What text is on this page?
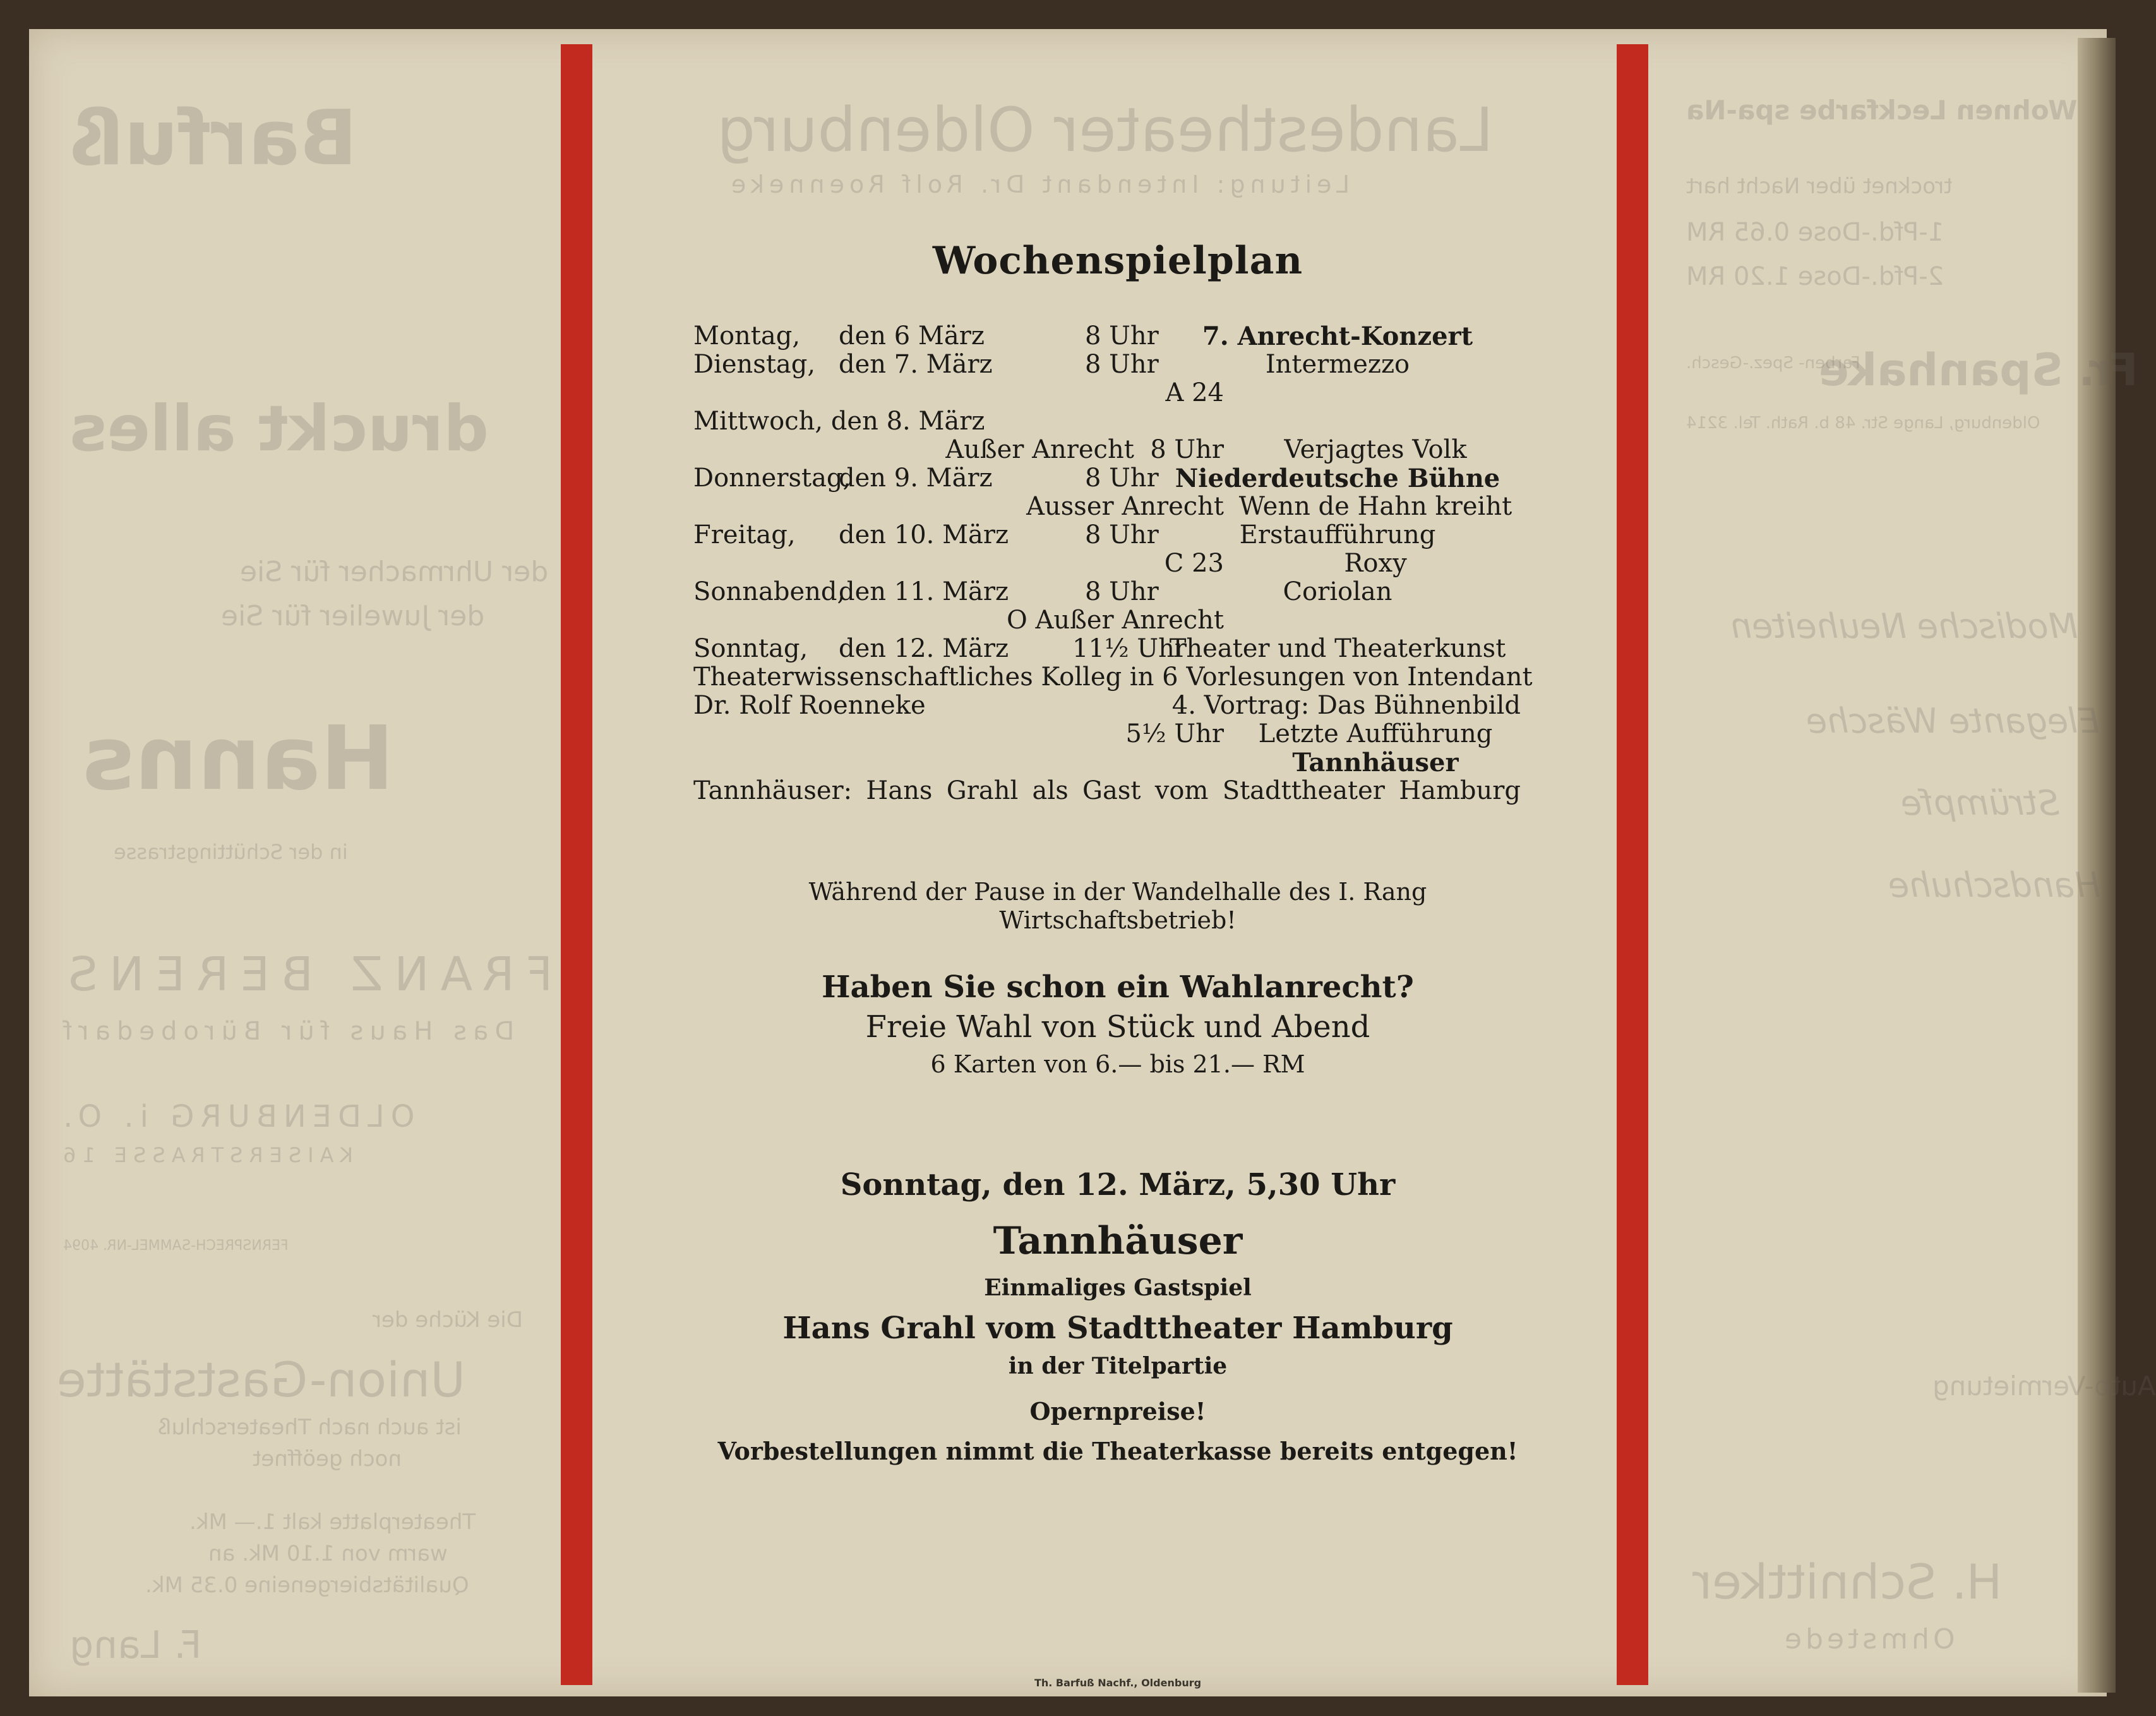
Landestheater Oldenburg
Leitung: Intendant Dr. Rolf Roenneke
Barfuß
druckt alles
der Uhrmacher für Sie
der Juwelier für Sie
Hanns
in der Schüttingstrasse
FRANZ BERENS
Das Haus für Bürobedarf
OLDENBURG i. O.
KAISERSTRASSE 16
FERNSPRECH-SAMMEL-NR. 4094
Die Küche der
Union-Gaststätte
ist auch nach Theaterschluß
noch geöffnet
Theaterplatte kalt 1.— Mk.
warm von 1.10 Mk. an
Qualitätsbiergeneine 0.35 Mk.
F. Lang
Wohnen Leckfarbe spa-Na
trocknet über Nacht hart
1-Pfd.-Dose 0.65 RM
2-Pfd.-Dose 1.20 RM
Fr. Spanhake
Farben- Spez.-Gesch.
Oldenburg, Lange Str. 48 b. Rath. Tel. 3214
Modische Neuheiten
Elegante Wäsche
Strümpfe
Handschuhe
Auto-Vermietung
H. Schnittker
Ohmstede
Wochenspielplan
Montag, den 6 März	8 Uhr	7. Anrecht-Konzert
Dienstag, den 7. März	8 Uhr	Intermezzo
A 24
Mittwoch, den 8. März
Außer Anrecht 8 Uhr	Verjagtes Volk
Donnerstag,den 9. März	8 Uhr Niederdeutsche Bühne
Ausser Anrecht Wenn de Hahn kreiht
Freitag, den 10. März	8 Uhr	Erstaufführung
C 23	Roxy
Sonnabend,den 11. März	8 Uhr	Coriolan
O Außer Anrecht
Sonntag, den 12. März	11½ Uhr
Theater und Theaterkunst
Theaterwissenschaftliches Kolleg in 6 Vorlesungen von Intendant
Dr. Rolf Roenneke	4. Vortrag: Das Bühnenbild
5½ Uhr	Letzte Aufführung
Tannhäuser
Tannhäuser: Hans Grahl als Gast vom Stadttheater Hamburg
Während der Pause in der Wandelhalle des I. Rang
Wirtschaftsbetrieb!
Haben Sie schon ein Wahlanrecht?
Freie Wahl von Stück und Abend
6 Karten von 6.— bis 21.— RM
Sonntag, den 12. März, 5,30 Uhr
Tannhäuser
Einmaliges Gastspiel
Hans Grahl vom Stadttheater Hamburg
in der Titelpartie
Opernpreise!
Vorbestellungen nimmt die Theaterkasse bereits entgegen!
Th. Barfuß Nachf., Oldenburg
